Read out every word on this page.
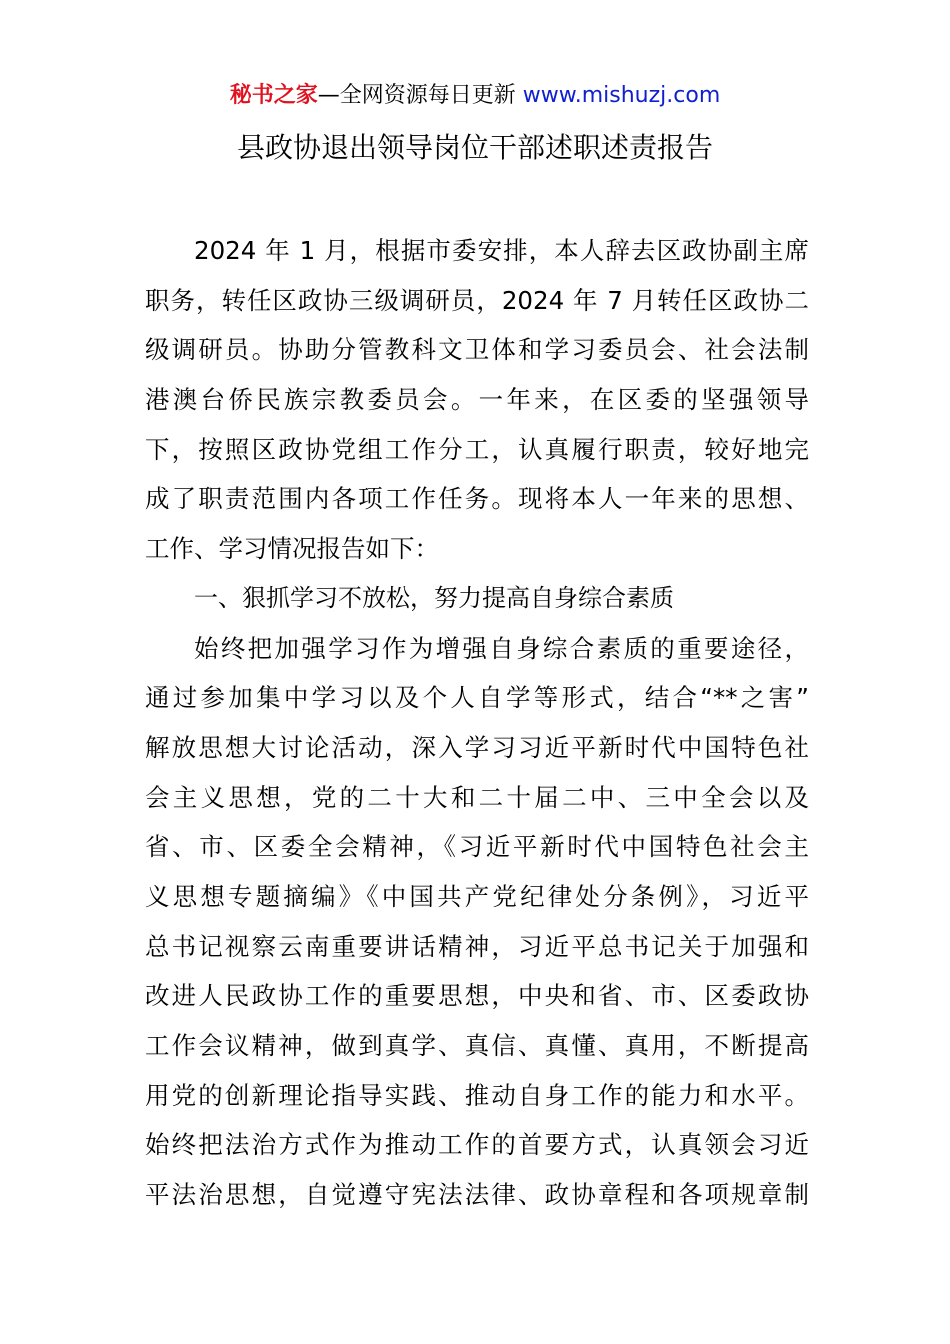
秘书之家—全网资源每日更新 www.mishuzj.com
县政协退出领导岗位干部述职述责报告
2024 年 1 月，根据市委安排，本人辞去区政协副主席
职务，转任区政协三级调研员，2024 年 7 月转任区政协二
级调研员。协助分管教科文卫体和学习委员会、社会法制
港澳台侨民族宗教委员会。一年来，在区委的坚强领导
下，按照区政协党组工作分工，认真履行职责，较好地完
成了职责范围内各项工作任务。现将本人一年来的思想、
工作、学习情况报告如下：
一、狠抓学习不放松，努力提高自身综合素质
始终把加强学习作为增强自身综合素质的重要途径，
通过参加集中学习以及个人自学等形式，结合“**之害”
解放思想大讨论活动，深入学习习近平新时代中国特色社
会主义思想，党的二十大和二十届二中、三中全会以及
省、市、区委全会精神，《习近平新时代中国特色社会主
义思想专题摘编》《中国共产党纪律处分条例》，习近平
总书记视察云南重要讲话精神，习近平总书记关于加强和
改进人民政协工作的重要思想，中央和省、市、区委政协
工作会议精神，做到真学、真信、真懂、真用，不断提高
用党的创新理论指导实践、推动自身工作的能力和水平。
始终把法治方式作为推动工作的首要方式，认真领会习近
平法治思想，自觉遵守宪法法律、政协章程和各项规章制
